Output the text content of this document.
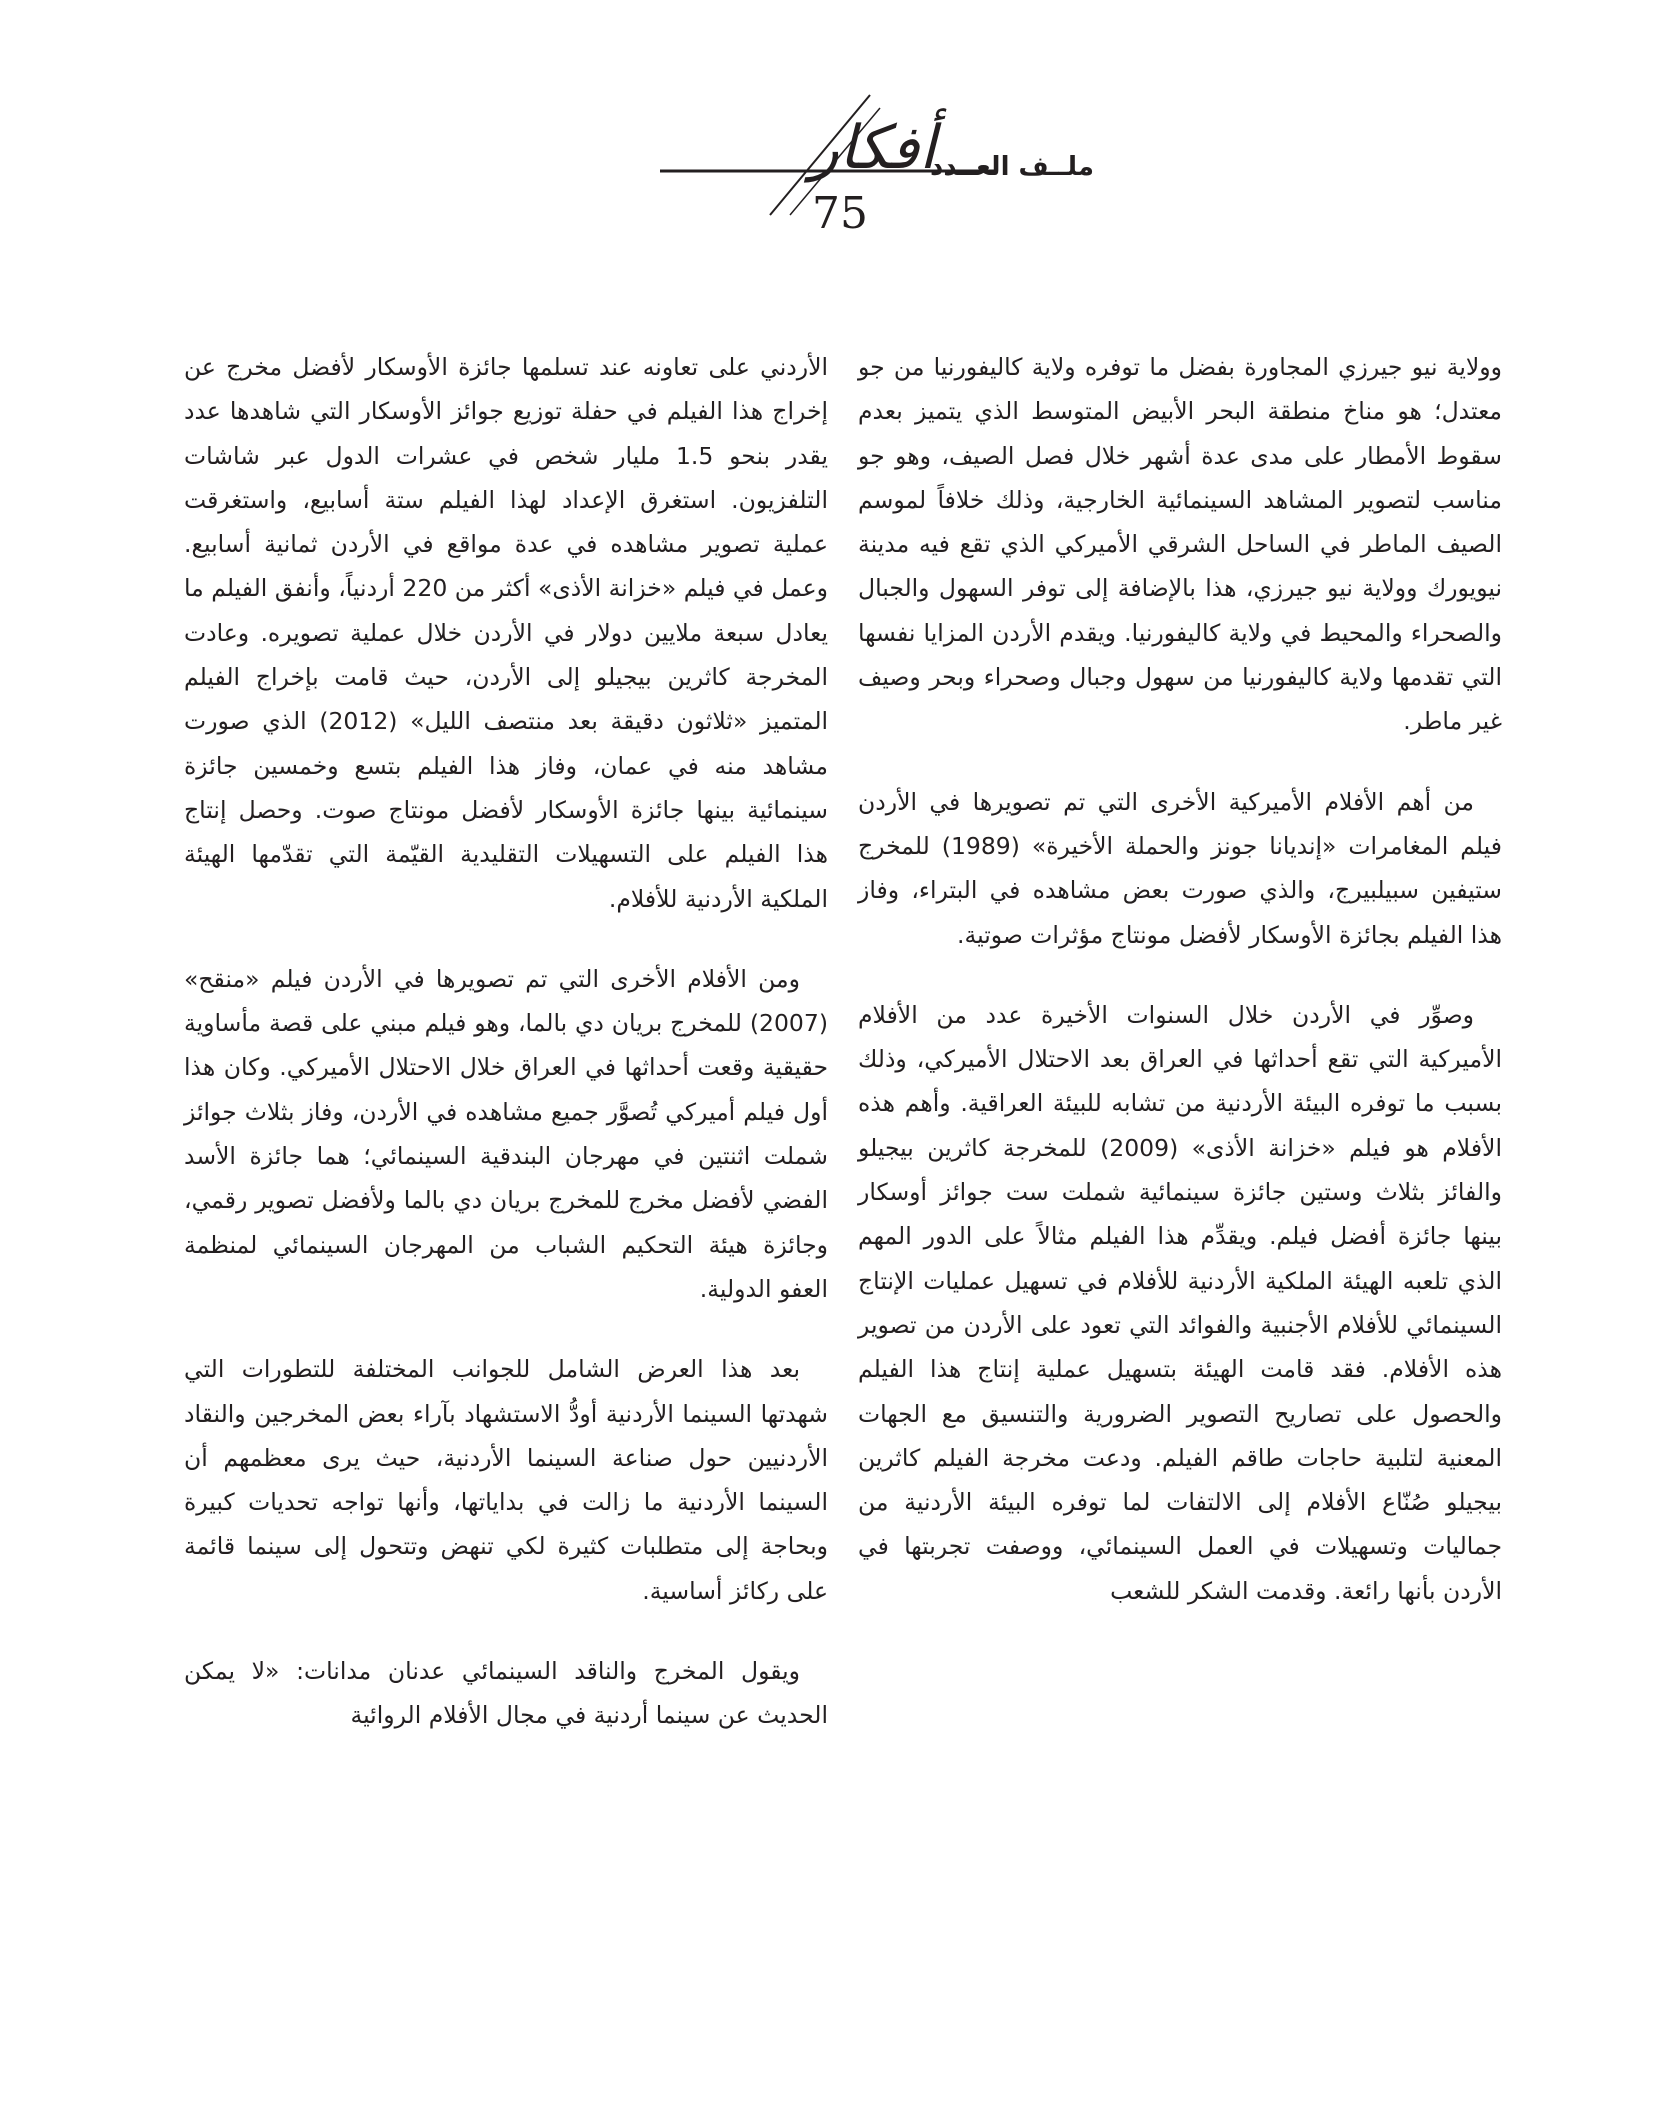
أفكار
ملــف العــدد
75

وولاية نيو جيرزي المجاورة بفضل ما توفره ولاية كاليفورنيا من جو معتدل؛ هو مناخ منطقة البحر الأبيض المتوسط الذي يتميز بعدم سقوط الأمطار على مدى عدة أشهر خلال فصل الصيف، وهو جو مناسب لتصوير المشاهد السينمائية الخارجية، وذلك خلافاً لموسم الصيف الماطر في الساحل الشرقي الأميركي الذي تقع فيه مدينة نيويورك وولاية نيو جيرزي، هذا بالإضافة إلى توفر السهول والجبال والصحراء والمحيط في ولاية كاليفورنيا. ويقدم الأردن المزايا نفسها التي تقدمها ولاية كاليفورنيا من سهول وجبال وصحراء وبحر وصيف غير ماطر.

من أهم الأفلام الأميركية الأخرى التي تم تصويرها في الأردن فيلم المغامرات «إنديانا جونز والحملة الأخيرة» (1989) للمخرج ستيفين سبيلبيرج، والذي صورت بعض مشاهده في البتراء، وفاز هذا الفيلم بجائزة الأوسكار لأفضل مونتاج مؤثرات صوتية.

وصوِّر في الأردن خلال السنوات الأخيرة عدد من الأفلام الأميركية التي تقع أحداثها في العراق بعد الاحتلال الأميركي، وذلك بسبب ما توفره البيئة الأردنية من تشابه للبيئة العراقية. وأهم هذه الأفلام هو فيلم «خزانة الأذى» (2009) للمخرجة كاثرين بيجيلو والفائز بثلاث وستين جائزة سينمائية شملت ست جوائز أوسكار بينها جائزة أفضل فيلم. ويقدِّم هذا الفيلم مثالاً على الدور المهم الذي تلعبه الهيئة الملكية الأردنية للأفلام في تسهيل عمليات الإنتاج السينمائي للأفلام الأجنبية والفوائد التي تعود على الأردن من تصوير هذه الأفلام. فقد قامت الهيئة بتسهيل عملية إنتاج هذا الفيلم والحصول على تصاريح التصوير الضرورية والتنسيق مع الجهات المعنية لتلبية حاجات طاقم الفيلم. ودعت مخرجة الفيلم كاثرين بيجيلو صُنّاع الأفلام إلى الالتفات لما توفره البيئة الأردنية من جماليات وتسهيلات في العمل السينمائي، ووصفت تجربتها في الأردن بأنها رائعة. وقدمت الشكر للشعب

الأردني على تعاونه عند تسلمها جائزة الأوسكار لأفضل مخرج عن إخراج هذا الفيلم في حفلة توزيع جوائز الأوسكار التي شاهدها عدد يقدر بنحو 1.5 مليار شخص في عشرات الدول عبر شاشات التلفزيون. استغرق الإعداد لهذا الفيلم ستة أسابيع، واستغرقت عملية تصوير مشاهده في عدة مواقع في الأردن ثمانية أسابيع. وعمل في فيلم «خزانة الأذى» أكثر من 220 أردنياً، وأنفق الفيلم ما يعادل سبعة ملايين دولار في الأردن خلال عملية تصويره. وعادت المخرجة كاثرين بيجيلو إلى الأردن، حيث قامت بإخراج الفيلم المتميز «ثلاثون دقيقة بعد منتصف الليل» (2012) الذي صورت مشاهد منه في عمان، وفاز هذا الفيلم بتسع وخمسين جائزة سينمائية بينها جائزة الأوسكار لأفضل مونتاج صوت. وحصل إنتاج هذا الفيلم على التسهيلات التقليدية القيّمة التي تقدّمها الهيئة الملكية الأردنية للأفلام.

ومن الأفلام الأخرى التي تم تصويرها في الأردن فيلم «منقح» (2007) للمخرج بريان دي بالما، وهو فيلم مبني على قصة مأساوية حقيقية وقعت أحداثها في العراق خلال الاحتلال الأميركي. وكان هذا أول فيلم أميركي تُصوَّر جميع مشاهده في الأردن، وفاز بثلاث جوائز شملت اثنتين في مهرجان البندقية السينمائي؛ هما جائزة الأسد الفضي لأفضل مخرج للمخرج بريان دي بالما ولأفضل تصوير رقمي، وجائزة هيئة التحكيم الشباب من المهرجان السينمائي لمنظمة العفو الدولية.

بعد هذا العرض الشامل للجوانب المختلفة للتطورات التي شهدتها السينما الأردنية أودُّ الاستشهاد بآراء بعض المخرجين والنقاد الأردنيين حول صناعة السينما الأردنية، حيث يرى معظمهم أن السينما الأردنية ما زالت في بداياتها، وأنها تواجه تحديات كبيرة وبحاجة إلى متطلبات كثيرة لكي تنهض وتتحول إلى سينما قائمة على ركائز أساسية.

ويقول المخرج والناقد السينمائي عدنان مدانات: «لا يمكن الحديث عن سينما أردنية في مجال الأفلام الروائية
